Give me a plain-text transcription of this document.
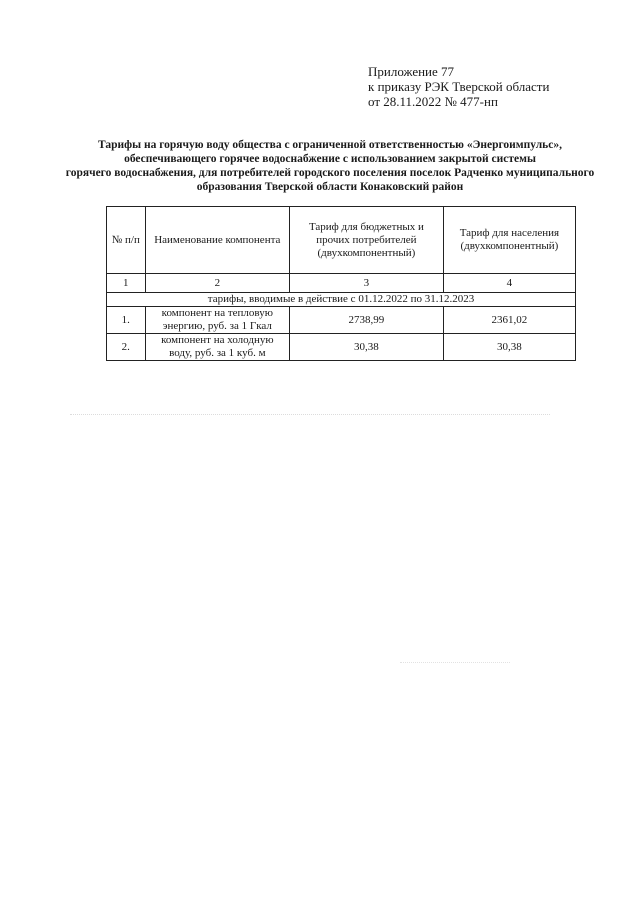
Приложение 77
к приказу РЭК Тверской области
от 28.11.2022 № 477-нп
Тарифы на горячую воду общества с ограниченной ответственностью «Энергоимпульс»,
обеспечивающего горячее водоснабжение с использованием закрытой системы
горячего водоснабжения, для потребителей городского поселения поселок Радченко муниципального
образования Тверской области Конаковский район
№ п/п	Наименование компонента	Тариф для бюджетных и прочих потребителей (двухкомпонентный)	Тариф для населения (двухкомпонентный)
1	2	3	4
тарифы, вводимые в действие с 01.12.2022 по 31.12.2023			
1.	компонент на тепловую энергию, руб. за 1 Гкал	2738,99	2361,02
2.	компонент на холодную воду, руб. за 1 куб. м	30,38	30,38
